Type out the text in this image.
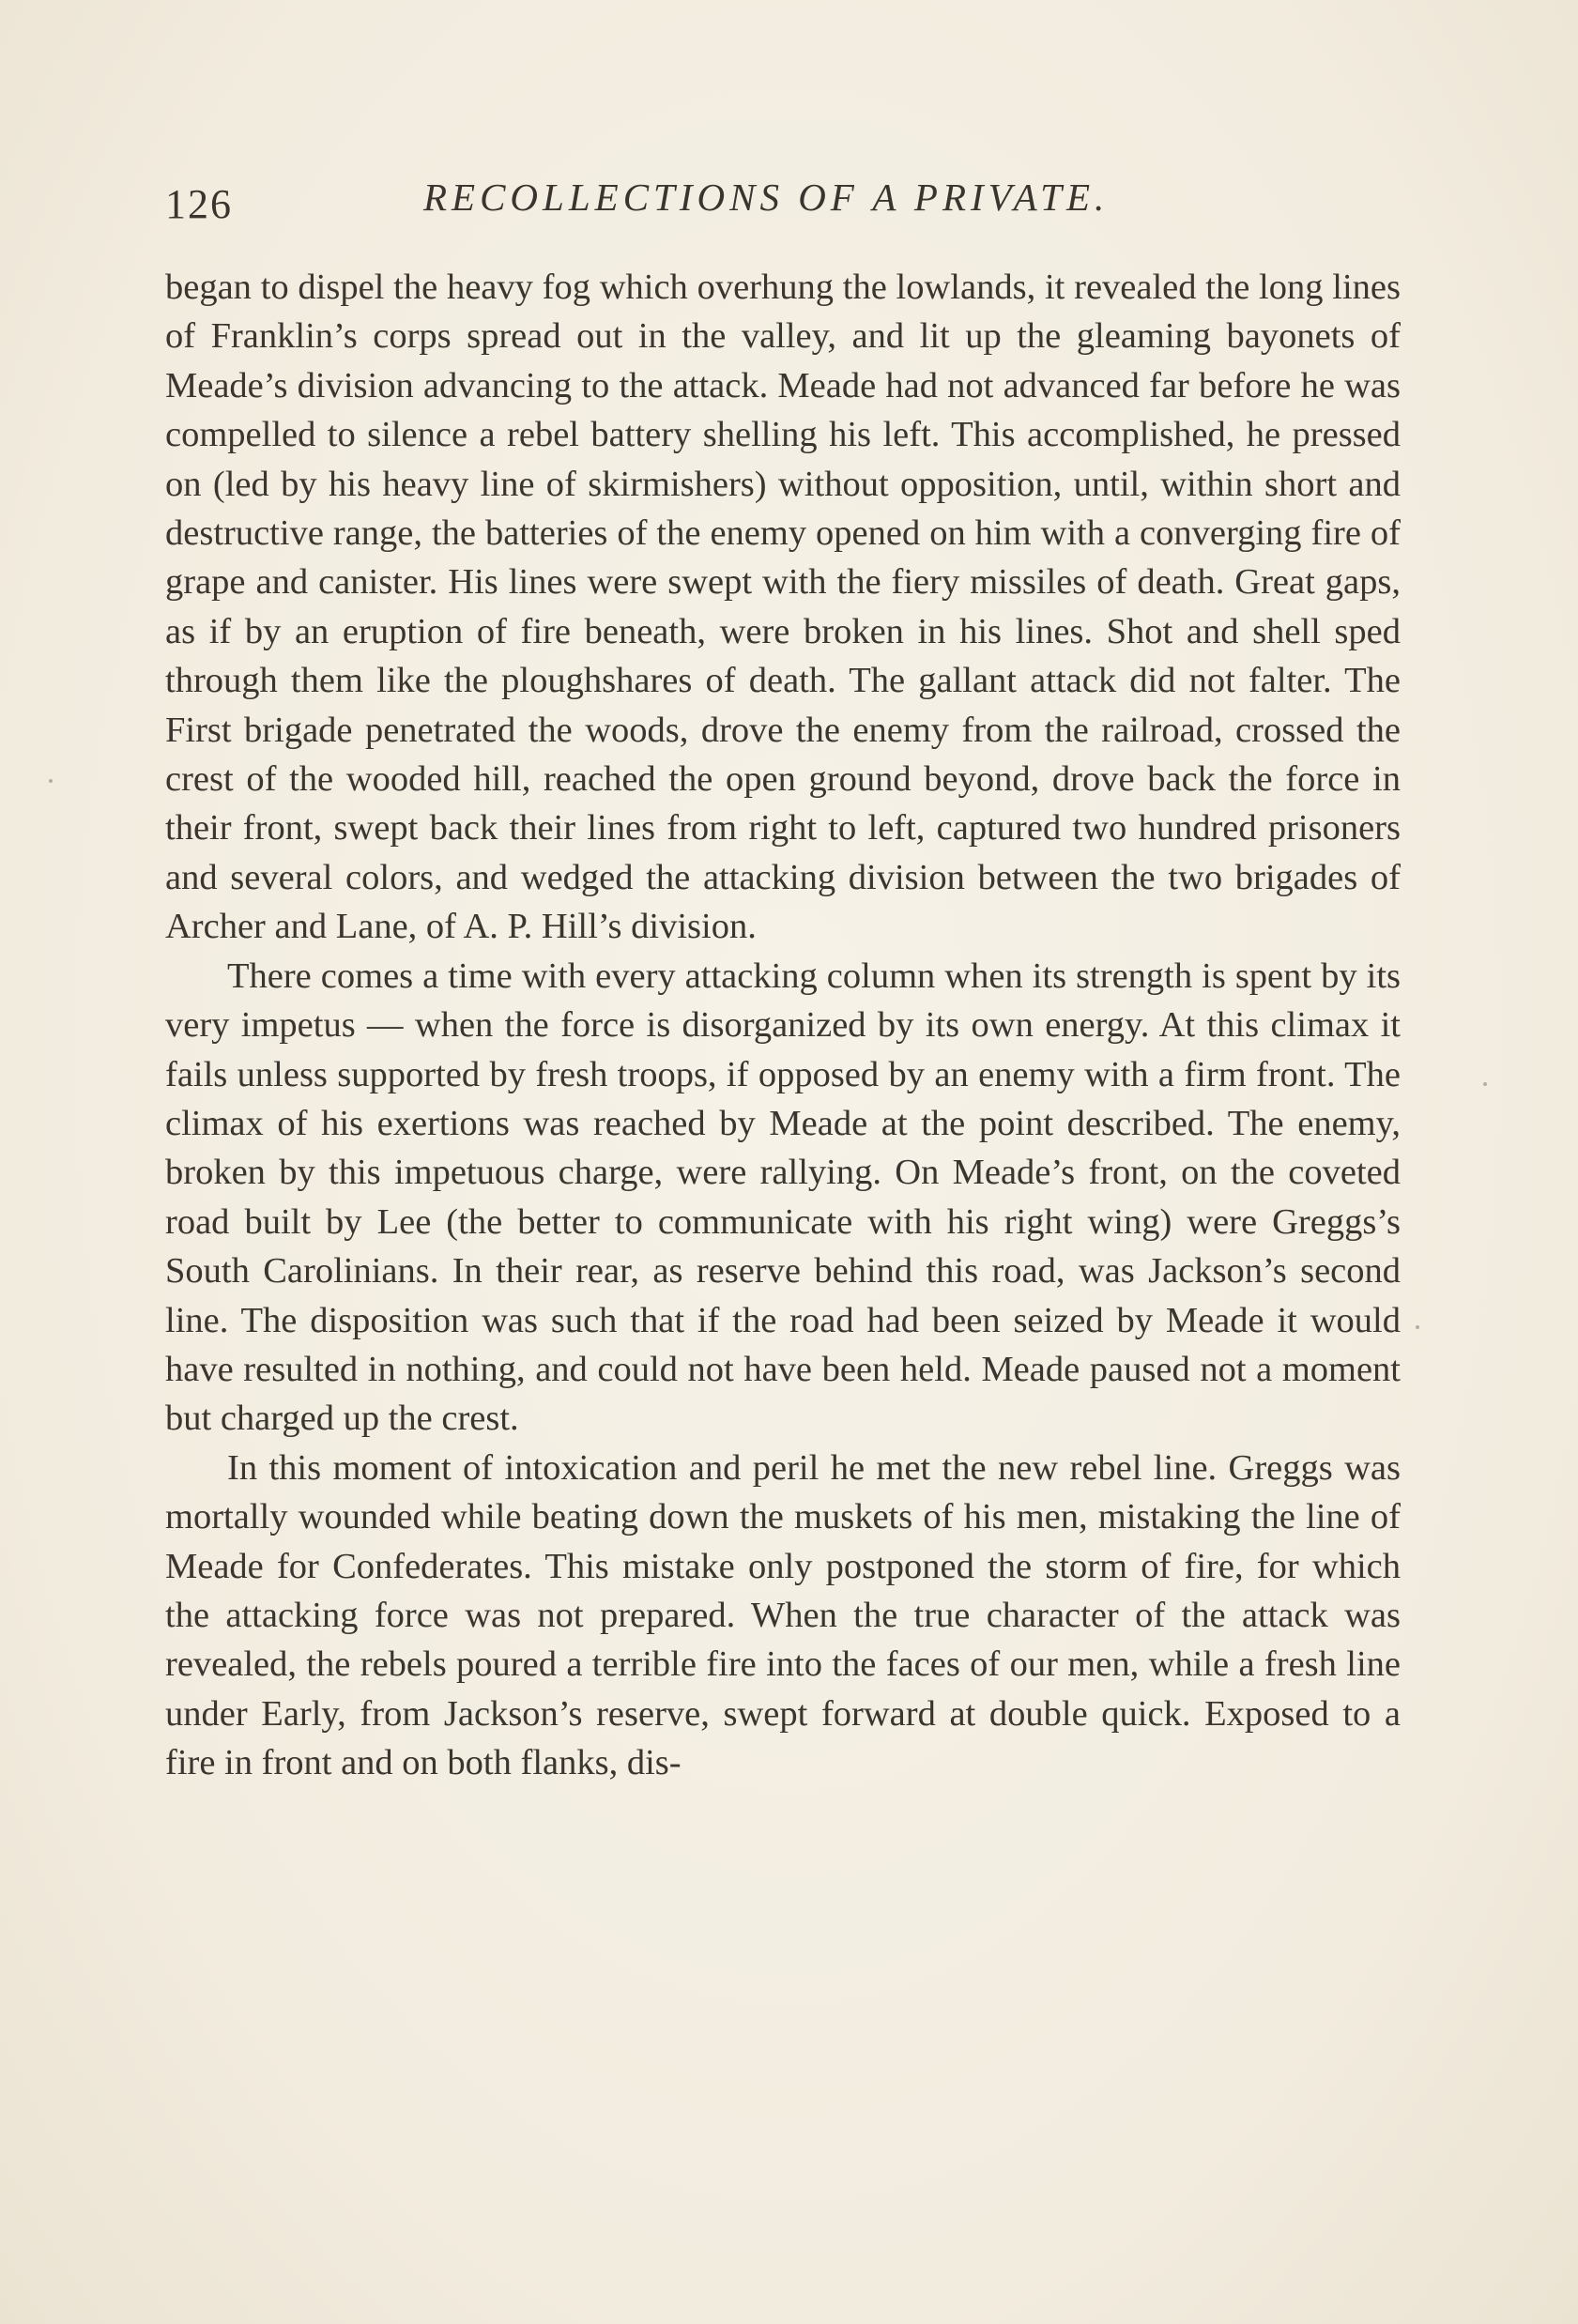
126	RECOLLECTIONS OF A PRIVATE.

began to dispel the heavy fog which overhung the lowlands, it revealed the long lines of Franklin’s corps spread out in the valley, and lit up the gleaming bayonets of Meade’s division advancing to the attack. Meade had not advanced far before he was compelled to silence a rebel battery shelling his left. This accomplished, he pressed on (led by his heavy line of skirmishers) without opposition, until, within short and destructive range, the batteries of the enemy opened on him with a converging fire of grape and canister. His lines were swept with the fiery missiles of death. Great gaps, as if by an eruption of fire beneath, were broken in his lines. Shot and shell sped through them like the ploughshares of death. The gallant attack did not falter. The First brigade penetrated the woods, drove the enemy from the railroad, crossed the crest of the wooded hill, reached the open ground beyond, drove back the force in their front, swept back their lines from right to left, captured two hundred prisoners and several colors, and wedged the attacking division between the two brigades of Archer and Lane, of A. P. Hill’s division.

There comes a time with every attacking column when its strength is spent by its very impetus — when the force is disorganized by its own energy. At this climax it fails unless supported by fresh troops, if opposed by an enemy with a firm front. The climax of his exertions was reached by Meade at the point described. The enemy, broken by this impetuous charge, were rallying. On Meade’s front, on the coveted road built by Lee (the better to communicate with his right wing) were Greggs’s South Carolinians. In their rear, as reserve behind this road, was Jackson’s second line. The disposition was such that if the road had been seized by Meade it would have resulted in nothing, and could not have been held. Meade paused not a moment but charged up the crest.

In this moment of intoxication and peril he met the new rebel line. Greggs was mortally wounded while beating down the muskets of his men, mistaking the line of Meade for Confederates. This mistake only postponed the storm of fire, for which the attacking force was not prepared. When the true character of the attack was revealed, the rebels poured a terrible fire into the faces of our men, while a fresh line under Early, from Jackson’s reserve, swept forward at double quick. Exposed to a fire in front and on both flanks, dis-
